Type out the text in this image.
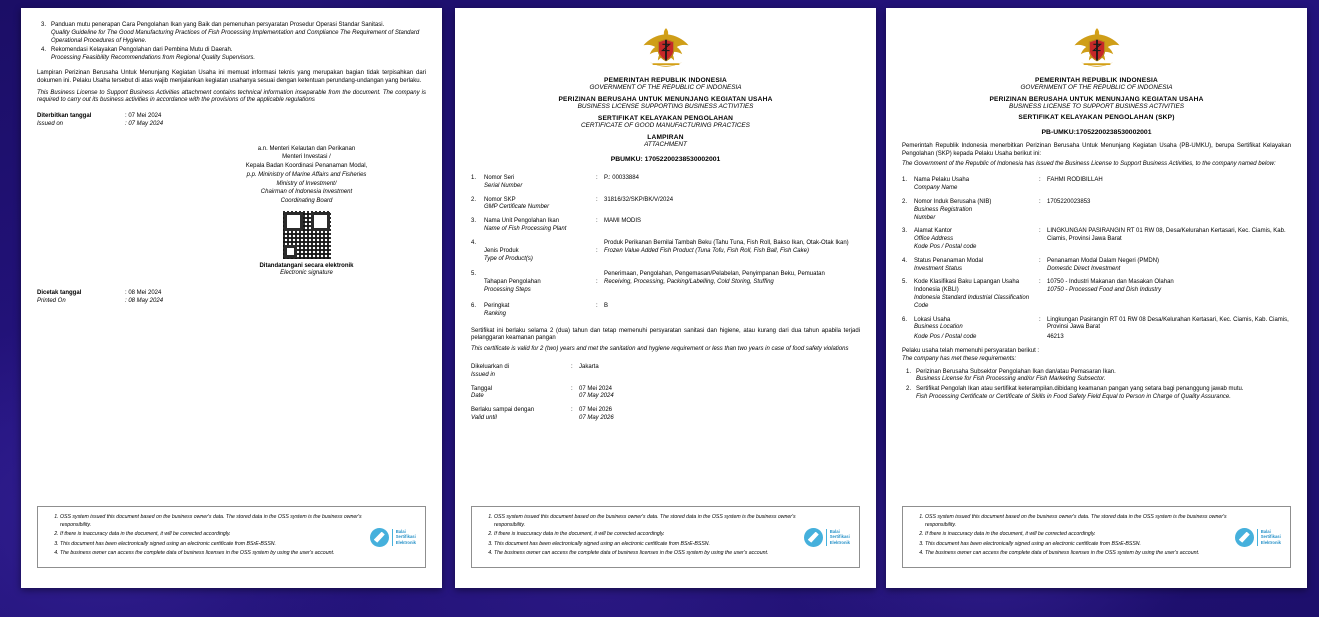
3. Panduan mutu penerapan Cara Pengolahan Ikan yang Baik dan pemenuhan persyaratan Prosedur Operasi Standar Sanitasi.
Quality Guideline for The Good Manufacturing Practices of Fish Processing Implementation and Compliance The Requirement of Standard Operational Procedures of Hygiene.
4. Rekomendasi Kelayakan Pengolahan dari Pembina Mutu di Daerah.
Processing Feasibility Recommendations from Regional Quality Supervisors.

Lampiran Perizinan Berusaha Untuk Menunjang Kegiatan Usaha ini memuat informasi teknis yang merupakan bagian tidak terpisahkan dari dokumen ini. Pelaku Usaha tersebut di atas wajib menjalankan kegiatan usahanya sesuai dengan ketentuan perundang-undangan yang berlaku.

This Business License to Support Business Activities attachment contains technical information inseparable from the document. The company is required to carry out its business activities in accordance with the provisions of the applicable regulations

Diterbitkan tanggal
Issued on
: 07 Mei 2024
: 07 May 2024
a.n. Menteri Kelautan dan Perikanan
Menteri Investasi /
Kepala Badan Koordinasi Penanaman Modal,
p.p. Mininistry of Marine Affairs and Fisheries
Ministry of Investment/
Chairman of Indonesia Investment
Coordinating Board
Ditandatangani secara elektronik
Electronic signature
Dicetak tanggal
Printed On
: 08 Mei 2024
: 08 May 2024
1. OSS system issued this document based on the business owner's data. The stored data in the OSS system is the business owner's responsibility.
2. If there is inaccuracy data in the document, it will be corrected accordingly.
3. This document has been electronically signed using an electronic certificate from BSrE-BSSN.
4. The business owner can access the complete data of business licenses in the OSS system by using the user's account.
Balai
Sertifikasi
Elektronik
PEMERINTAH REPUBLIK INDONESIA
GOVERNMENT OF THE REPUBLIC OF INDONESIA
PERIZINAN BERUSAHA UNTUK MENUNJANG KEGIATAN USAHA
BUSINESS LICENSE SUPPORTING BUSINESS ACTIVITIES
SERTIFIKAT KELAYAKAN PENGOLAHAN
CERTIFICATE OF GOOD MANUFACTURING PRACTICES
LAMPIRAN
ATTACHMENT
PBUMKU: 17052200238530002001
1.	Nomor Seri
Serial Number
:	P.: 00033884
2.	Nomor SKP
GMP Certificate Number
:	31816/32/SKP/BK/V/2024
3.	Nama Unit Pengolahan Ikan
Name of Fish Processing Plant
:	MAMI MODIS
4.
Jenis Produk
Type of Product(s)
:
Produk Perikanan Bernilai Tambah Beku (Tahu Tuna, Fish Roll, Bakso Ikan, Otak-Otak Ikan)
Frozen Value Added Fish Product (Tuna Tofu, Fish Roll, Fish Ball, Fish Cake)
5.
Tahapan Pengolahan
Processing Steps
:
Penerimaan, Pengolahan, Pengemasan/Pelabelan, Penyimpanan Beku, Pemuatan
Receiving, Processing, Packing/Labelling, Cold Storing, Stuffing
6.	Peringkat
Ranking
:	B
Sertifikat ini berlaku selama 2 (dua) tahun dan tetap memenuhi persyaratan sanitasi dan higiene, atau kurang dari dua tahun apabila terjadi pelanggaran keamanan pangan
This certificate is valid for 2 (two) years and met the sanitation and hygiene requirement or less than two years in case of food safety violations
Dikeluarkan di
Issued in
:	Jakarta
Tanggal
Date
:	07 Mei 2024
07 May 2024
Berlaku sampai dengan
Valid until
:	07 Mei 2026
07 May 2026
1. OSS system issued this document based on the business owner's data. The stored data in the OSS system is the business owner's responsibility.
2. If there is inaccuracy data in the document, it will be corrected accordingly.
3. This document has been electronically signed using an electronic certificate from BSrE-BSSN.
4. The business owner can access the complete data of business licenses in the OSS system by using the user's account.
Balai
Sertifikasi
Elektronik
PEMERINTAH REPUBLIK INDONESIA
GOVERNMENT OF THE REPUBLIC OF INDONESIA
PERIZINAN BERUSAHA UNTUK MENUNJANG KEGIATAN USAHA
BUSINESS LICENSE TO SUPPORT BUSINESS ACTIVITIES
SERTIFIKAT KELAYAKAN PENGOLAHAN (SKP)
PB-UMKU:17052200238530002001
Pemerintah Republik Indonesia menerbitkan Perizinan Berusaha Untuk Menunjang Kegiatan Usaha (PB-UMKU), berupa Sertifikat Kelayakan Pengolahan (SKP) kepada Pelaku Usaha berikut ini:
The Government of the Republic of Indonesia has issued the Business License to Support Business Activities, to the company named below:
1.	Nama Pelaku Usaha
Company Name
:	FAHMI RODIBILLAH
2.	Nomor Induk Berusaha (NIB)
Business Registration
Number
:	1705220023853
3.	Alamat Kantor
Office Address
Kode Pos / Postal code
:	LINGKUNGAN PASIRANGIN RT 01 RW 08, Desa/Kelurahan Kertasari, Kec. Ciamis, Kab. Ciamis, Provinsi Jawa Barat
4.	Status Penanaman Modal
Investment Status
:	Penanaman Modal Dalam Negeri (PMDN)
Domestic Direct Investment
5.	Kode Klasifikasi Baku Lapangan Usaha Indonesia (KBLI)
Indonesia Standard Industrial Classification Code
:	10750 - Industri Makanan dan Masakan Olahan
10750 - Processed Food and Dish Industry
6.	Lokasi Usaha
Business Location
Kode Pos / Postal code
:	Lingkungan Pasirangin RT 01 RW 08 Desa/Kelurahan Kertasari, Kec. Ciamis, Kab. Ciamis, Provinsi Jawa Barat
46213
Pelaku usaha telah memenuhi persyaratan berikut :
The company has met these requirements:
1. Perizinan Berusaha Subsektor Pengolahan Ikan dan/atau Pemasaran Ikan.
Business License for Fish Processing and/or Fish Marketing Subsector.
2. Sertifikat Pengolah Ikan atau sertifikat keterampilan.dibidang keamanan pangan yang setara bagi penanggung jawab mutu.
Fish Processing Certificate or Certificate of Skills in Food Safety Field Equal to Person in Charge of Quality Assurance.
1. OSS system issued this document based on the business owner's data. The stored data in the OSS system is the business owner's responsibility.
2. If there is inaccuracy data in the document, it will be corrected accordingly.
3. This document has been electronically signed using an electronic certificate from BSrE-BSSN.
4. The business owner can access the complete data of business licenses in the OSS system by using the user's account.
Balai
Sertifikasi
Elektronik
